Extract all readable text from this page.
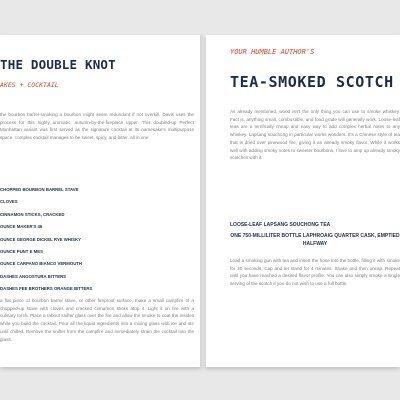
THE DOUBLE KNOT
AKES + COCKTAIL

the bourbon barrel-smoking a bourbon might seem redundant if not overkill, Davis uses the process for this highly aromatic, autumn-by-the-fireplace upper. This doubled-up Perfect Manhattan variant was first served as the signature cocktail at its namesake's multipurpose space. complex cocktail manages to be sweet, spicy, and bitter, all in one

CHOPPED BOURBON BARREL STAVE
CLOVES
CINNAMON STICKS, CRACKED
OUNCE MAKER'S 46
OUNCE GEORGE DICKEL RYE WHISKY
OUNCE PUNT E MES
OUNCE CARPANO BIANCO VERMOUTH
DASHES ANGOSTURA BITTERS
DASHES FEE BROTHERS ORANGE BITTERS

a flat piece of bourbon barrel stave, or other fireproof surface, make a small campfire of a chopped-up stave with cloves and cracked cinnamon sticks atop it. Light it on fire with a culinary torch. Place a rabout snifter glass over the fire and allow the smoke to coat the insides while you build the cocktail. Pour all the liquid ingredients into a mixing glass with ice and stir until chilled. Remove the snifter from the campfire and immediately strain the cocktail into the glass.

YOUR HUMBLE AUTHOR'S
TEA-SMOKED SCOTCH

As already mentioned, wood isn't the only thing you can use to smoke whiskey. Fact is, anything small, combustible, and food grade will generally work. Loose-leaf teas are a terrifically cheap and easy way to add complex herbal notes to any whiskey. Lapsang souchong in particular works wonders. It's a Chinese style of tea that is dried over pinewood fire, giving it an already smoky flavor. While it works well with adding smoky notes to sweeter bourbons, I love to amp up already smoky scotches with it.

LOOSE-LEAF LAPSANG SOUCHONG TEA
ONE 750-MILLILITER BOTTLE LAPHROAIG QUARTER CASK, EMPTIED HALFWAY

Load a smoking gun with tea and insert the hose into the bottle, filling it with smoke for 30 seconds. Cap and let stand for 4 minutes. Shake and then uncap. Repeat until you have reached a desired flavor profile. You can also simply smoke a single serving of the scotch if you do not wish to use a full bottle.
